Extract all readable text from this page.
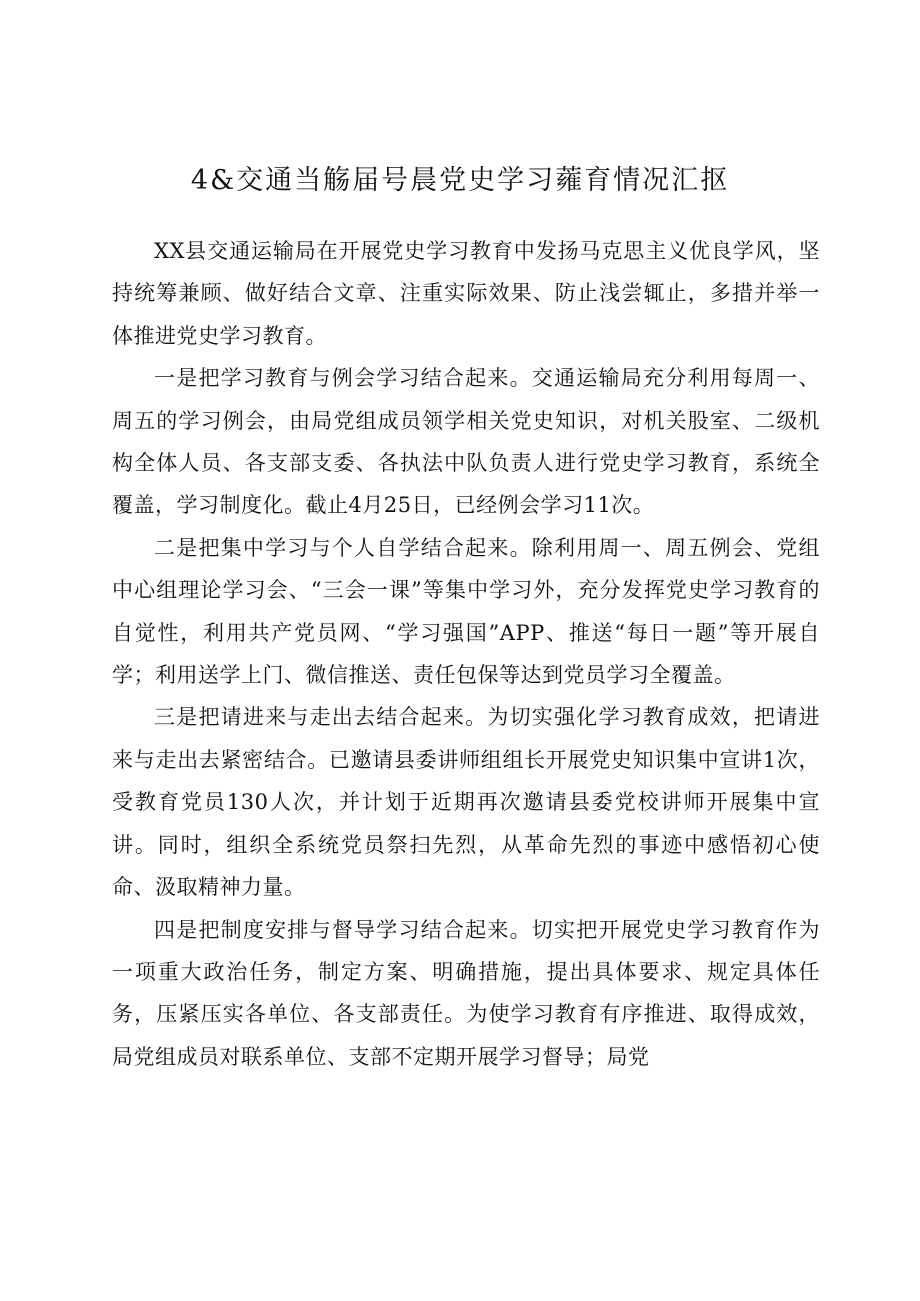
4&交通当觞届号晨党史学习蕹育情况汇抠

XX县交通运输局在开展党史学习教育中发扬马克思主义优良学风，坚持统筹兼顾、做好结合文章、注重实际效果、防止浅尝辄止，多措并举一体推进党史学习教育。

一是把学习教育与例会学习结合起来。交通运输局充分利用每周一、周五的学习例会，由局党组成员领学相关党史知识，对机关股室、二级机构全体人员、各支部支委、各执法中队负责人进行党史学习教育，系统全覆盖，学习制度化。截止4月25日，已经例会学习11次。

二是把集中学习与个人自学结合起来。除利用周一、周五例会、党组中心组理论学习会、“三会一课”等集中学习外，充分发挥党史学习教育的自觉性，利用共产党员网、“学习强国”APP、推送“每日一题”等开展自学；利用送学上门、微信推送、责任包保等达到党员学习全覆盖。

三是把请进来与走出去结合起来。为切实强化学习教育成效，把请进来与走出去紧密结合。已邀请县委讲师组组长开展党史知识集中宣讲1次，受教育党员130人次，并计划于近期再次邀请县委党校讲师开展集中宣讲。同时，组织全系统党员祭扫先烈，从革命先烈的事迹中感悟初心使命、汲取精神力量。

四是把制度安排与督导学习结合起来。切实把开展党史学习教育作为一项重大政治任务，制定方案、明确措施，提出具体要求、规定具体任务，压紧压实各单位、各支部责任。为使学习教育有序推进、取得成效，局党组成员对联系单位、支部不定期开展学习督导；局党
